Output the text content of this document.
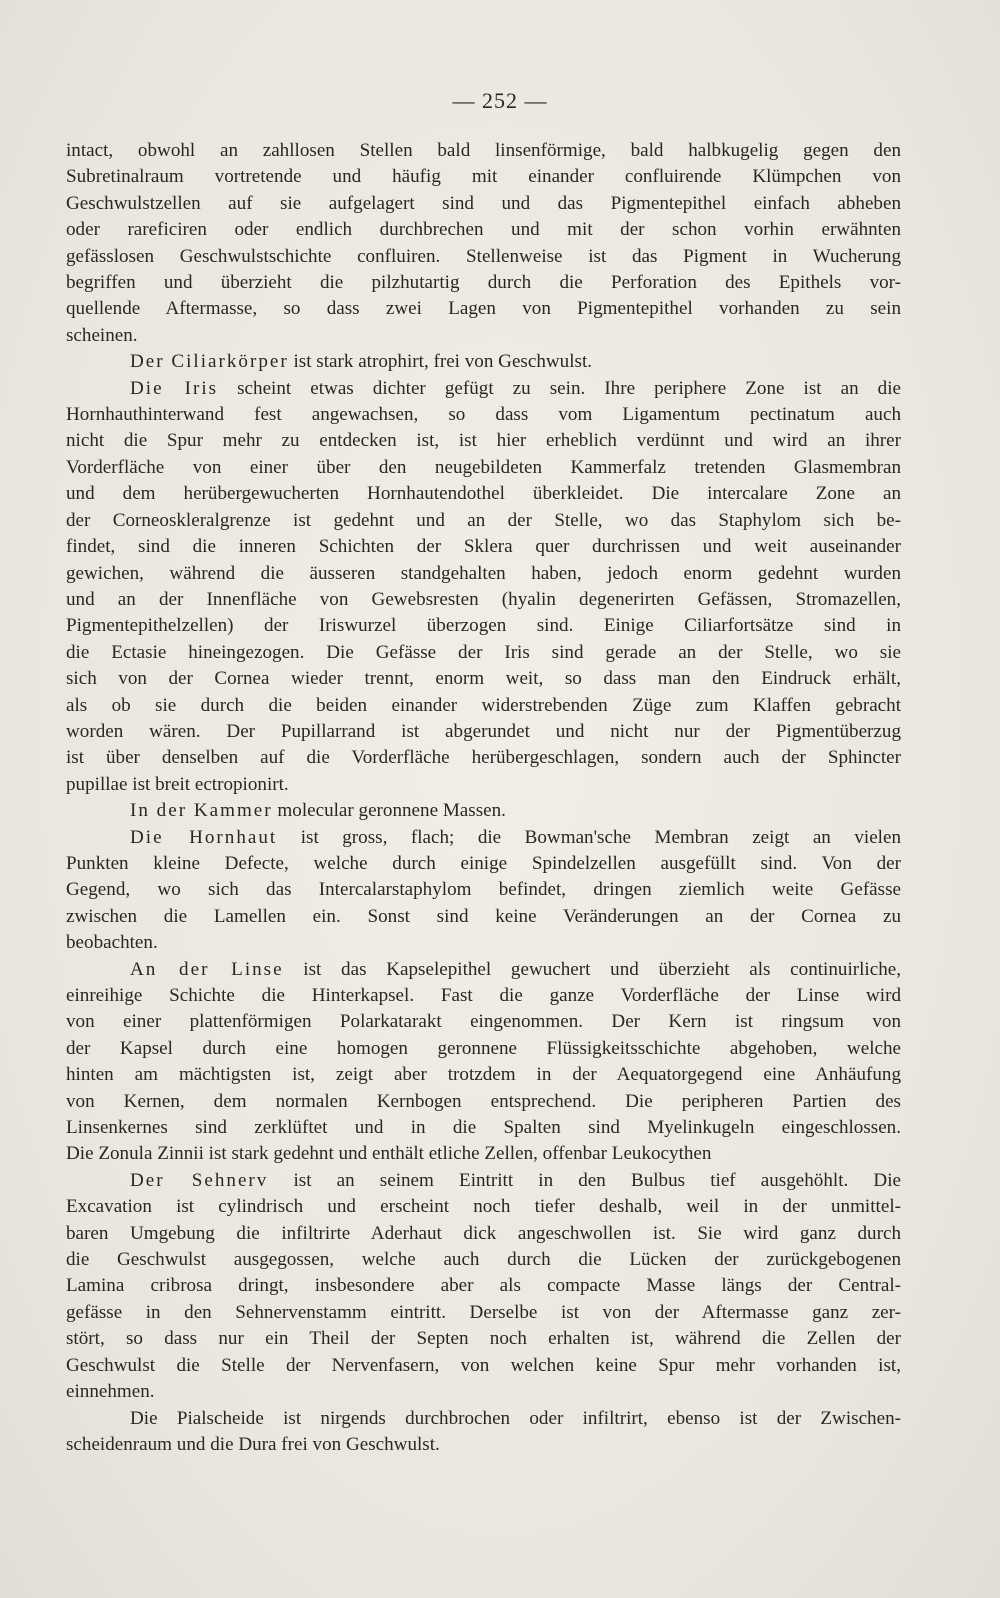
— 252 —
intact, obwohl an zahllosen Stellen bald linsenförmige, bald halbkugelig gegen den
Subretinalraum vortretende und häufig mit einander confluirende Klümpchen von
Geschwulstzellen auf sie aufgelagert sind und das Pigmentepithel einfach abheben
oder rareficiren oder endlich durchbrechen und mit der schon vorhin erwähnten
gefässlosen Geschwulstschichte confluiren. Stellenweise ist das Pigment in Wucherung
begriffen und überzieht die pilzhutartig durch die Perforation des Epithels vor-
quellende Aftermasse, so dass zwei Lagen von Pigmentepithel vorhanden zu sein
scheinen.
Der Ciliarkörper ist stark atrophirt, frei von Geschwulst.
Die Iris scheint etwas dichter gefügt zu sein. Ihre periphere Zone ist an die
Hornhauthinterwand fest angewachsen, so dass vom Ligamentum pectinatum auch
nicht die Spur mehr zu entdecken ist, ist hier erheblich verdünnt und wird an ihrer
Vorderfläche von einer über den neugebildeten Kammerfalz tretenden Glasmembran
und dem herübergewucherten Hornhautendothel überkleidet. Die intercalare Zone an
der Corneoskleralgrenze ist gedehnt und an der Stelle, wo das Staphylom sich be-
findet, sind die inneren Schichten der Sklera quer durchrissen und weit auseinander
gewichen, während die äusseren standgehalten haben, jedoch enorm gedehnt wurden
und an der Innenfläche von Gewebsresten (hyalin degenerirten Gefässen, Stromazellen,
Pigmentepithelzellen) der Iriswurzel überzogen sind. Einige Ciliarfortsätze sind in
die Ectasie hineingezogen. Die Gefässe der Iris sind gerade an der Stelle, wo sie
sich von der Cornea wieder trennt, enorm weit, so dass man den Eindruck erhält,
als ob sie durch die beiden einander widerstrebenden Züge zum Klaffen gebracht
worden wären. Der Pupillarrand ist abgerundet und nicht nur der Pigmentüberzug
ist über denselben auf die Vorderfläche herübergeschlagen, sondern auch der Sphincter
pupillae ist breit ectropionirt.
In der Kammer molecular geronnene Massen.
Die Hornhaut ist gross, flach; die Bowman'sche Membran zeigt an vielen
Punkten kleine Defecte, welche durch einige Spindelzellen ausgefüllt sind. Von der
Gegend, wo sich das Intercalarstaphylom befindet, dringen ziemlich weite Gefässe
zwischen die Lamellen ein. Sonst sind keine Veränderungen an der Cornea zu
beobachten.
An der Linse ist das Kapselepithel gewuchert und überzieht als continuirliche,
einreihige Schichte die Hinterkapsel. Fast die ganze Vorderfläche der Linse wird
von einer plattenförmigen Polarkatarakt eingenommen. Der Kern ist ringsum von
der Kapsel durch eine homogen geronnene Flüssigkeitsschichte abgehoben, welche
hinten am mächtigsten ist, zeigt aber trotzdem in der Aequatorgegend eine Anhäufung
von Kernen, dem normalen Kernbogen entsprechend. Die peripheren Partien des
Linsenkernes sind zerklüftet und in die Spalten sind Myelinkugeln eingeschlossen.
Die Zonula Zinnii ist stark gedehnt und enthält etliche Zellen, offenbar Leukocythen
Der Sehnerv ist an seinem Eintritt in den Bulbus tief ausgehöhlt. Die
Excavation ist cylindrisch und erscheint noch tiefer deshalb, weil in der unmittel-
baren Umgebung die infiltrirte Aderhaut dick angeschwollen ist. Sie wird ganz durch
die Geschwulst ausgegossen, welche auch durch die Lücken der zurückgebogenen
Lamina cribrosa dringt, insbesondere aber als compacte Masse längs der Central-
gefässe in den Sehnervenstamm eintritt. Derselbe ist von der Aftermasse ganz zer-
stört, so dass nur ein Theil der Septen noch erhalten ist, während die Zellen der
Geschwulst die Stelle der Nervenfasern, von welchen keine Spur mehr vorhanden ist,
einnehmen.
Die Pialscheide ist nirgends durchbrochen oder infiltrirt, ebenso ist der Zwischen-
scheidenraum und die Dura frei von Geschwulst.
